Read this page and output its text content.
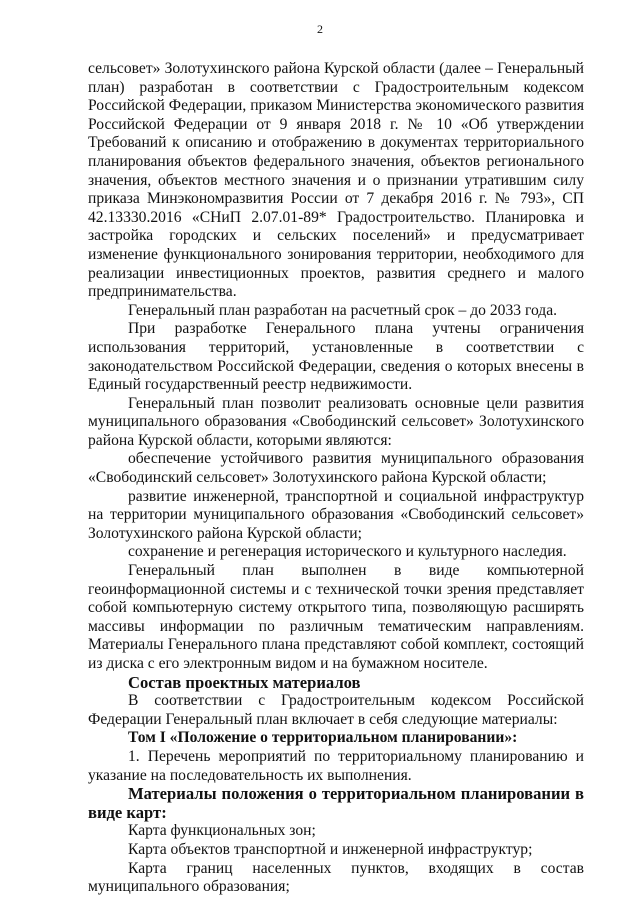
2

сельсовет» Золотухинского района Курской области (далее – Генеральный план) разработан в соответствии с Градостроительным кодексом Российской Федерации, приказом Министерства экономического развития Российской Федерации от 9 января 2018 г. № 10 «Об утверждении Требований к описанию и отображению в документах территориального планирования объектов федерального значения, объектов регионального значения, объектов местного значения и о признании утратившим силу приказа Минэкономразвития России от 7 декабря 2016 г. № 793», СП 42.13330.2016 «СНиП 2.07.01-89* Градостроительство. Планировка и застройка городских и сельских поселений» и предусматривает изменение функционального зонирования территории, необходимого для реализации инвестиционных проектов, развития среднего и малого предпринимательства.

Генеральный план разработан на расчетный срок – до 2033 года.

При разработке Генерального плана учтены ограничения использования территорий, установленные в соответствии с законодательством Российской Федерации, сведения о которых внесены в Единый государственный реестр недвижимости.

Генеральный план позволит реализовать основные цели развития муниципального образования «Свободинский сельсовет» Золотухинского района Курской области, которыми являются:

обеспечение устойчивого развития муниципального образования «Свободинский сельсовет» Золотухинского района Курской области;

развитие инженерной, транспортной и социальной инфраструктур на территории муниципального образования «Свободинский сельсовет» Золотухинского района Курской области;

сохранение и регенерация исторического и культурного наследия.

Генеральный план выполнен в виде компьютерной геоинформационной системы и с технической точки зрения представляет собой компьютерную систему открытого типа, позволяющую расширять массивы информации по различным тематическим направлениям. Материалы Генерального плана представляют собой комплект, состоящий из диска с его электронным видом и на бумажном носителе.

Состав проектных материалов

В соответствии с Градостроительным кодексом Российской Федерации Генеральный план включает в себя следующие материалы:

Том I «Положение о территориальном планировании»:

1. Перечень мероприятий по территориальному планированию и указание на последовательность их выполнения.

Материалы положения о территориальном планировании в виде карт:

Карта функциональных зон;

Карта объектов транспортной и инженерной инфраструктур;

Карта границ населенных пунктов, входящих в состав муниципального образования;
